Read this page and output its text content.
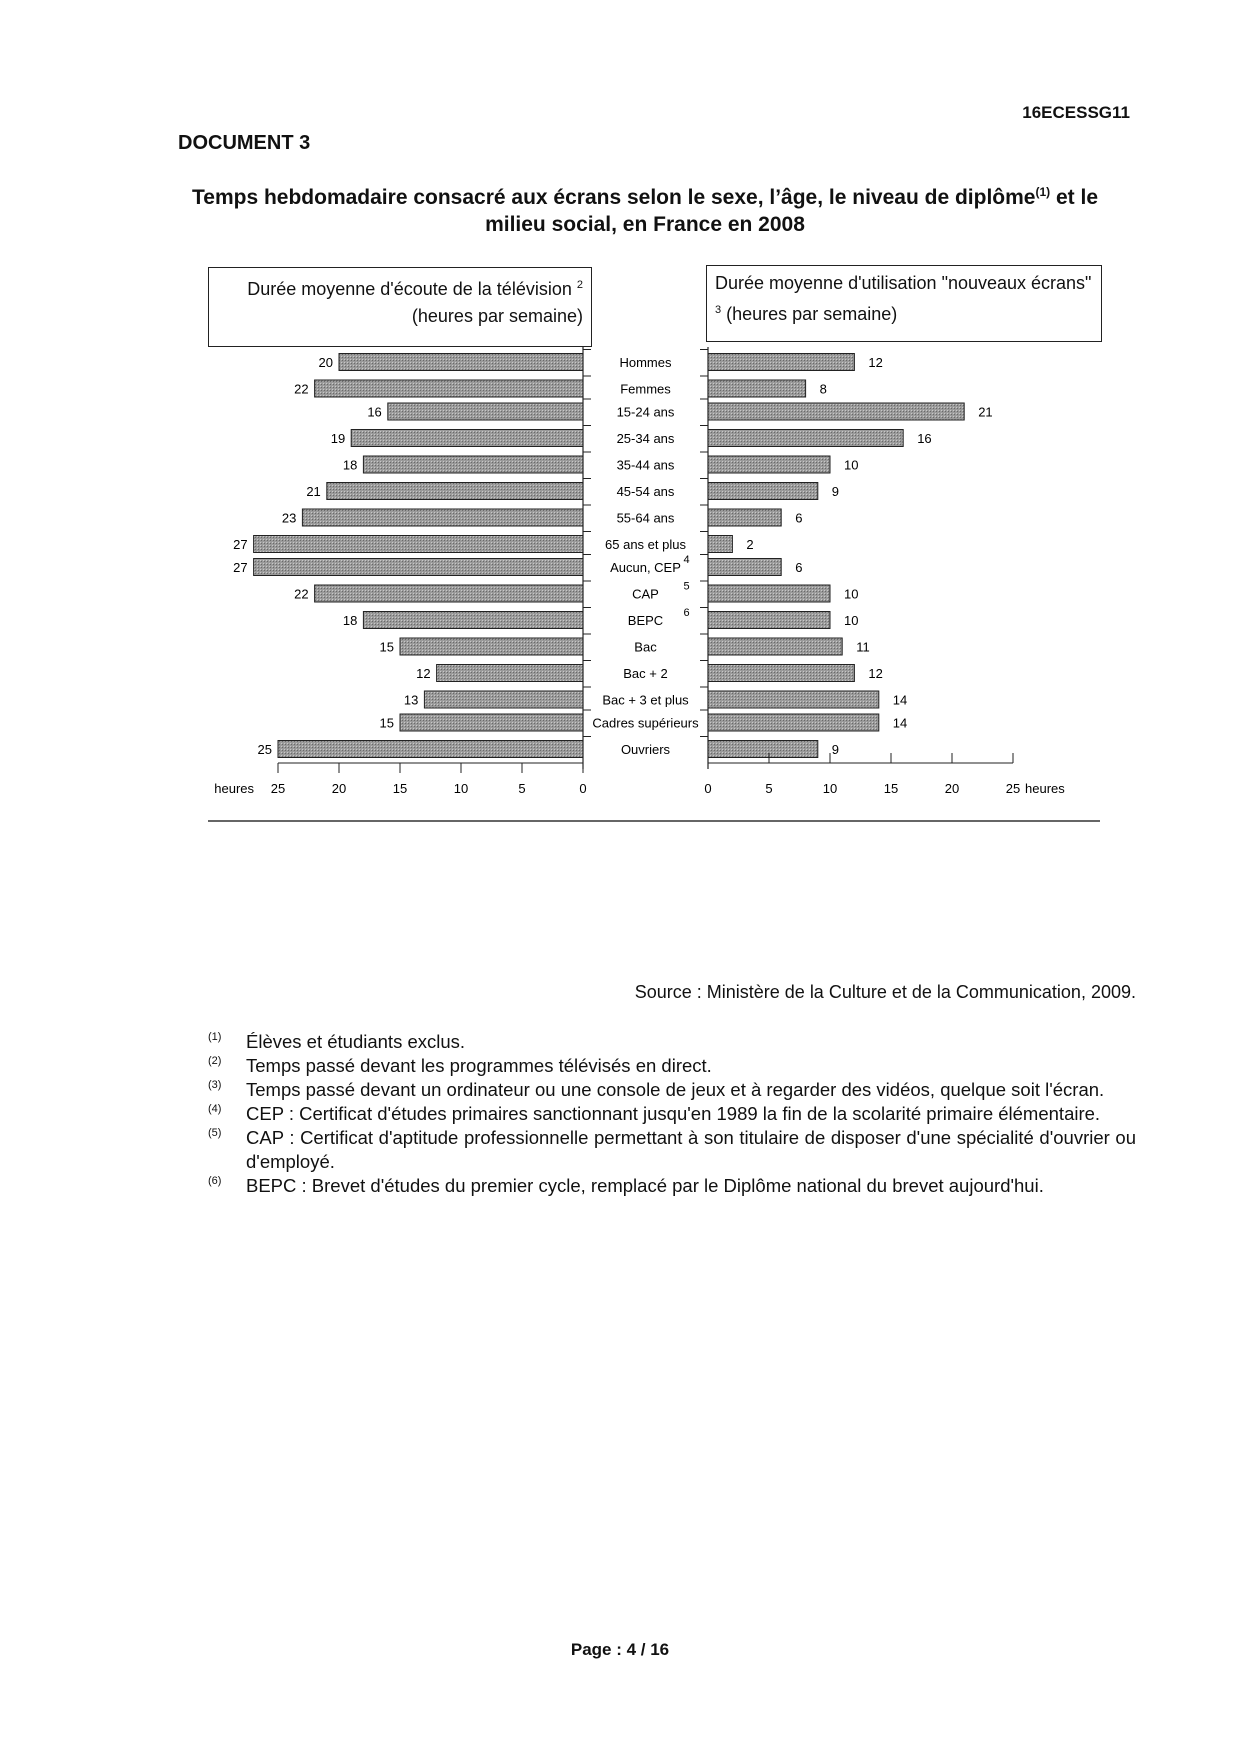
16ECESSG11
DOCUMENT 3
Temps hebdomadaire consacré aux écrans selon le sexe, l’âge, le niveau de diplôme$^{(1)}$ et le milieu social, en France en 2008
Durée moyenne d'écoute de la télévision $^2$ (heures par semaine)
Durée moyenne d'utilisation "nouveaux écrans" $^3$ (heures par semaine)
20	12
Hommes
22	8
Femmes
16	21
15-24 ans
19	16
25-34 ans
18	10
35-44 ans
21	9
45-54 ans
23	6
55-64 ans
27	2
65 ans et plus
27	6
Aucun, CEP 4
22	10
CAP 5
18	10
BEPC 6
15	11
Bac
12	12
Bac + 2
13	14
Bac + 3 et plus
15	14
Cadres supérieurs
25	9
Ouvriers
25	20	15	10	5	0	0	5	10	15	20	25 heures
heures
Source : Ministère de la Culture et de la Communication, 2009.
(1) Élèves et étudiants exclus.
(2) Temps passé devant les programmes télévisés en direct.
(3) Temps passé devant un ordinateur ou une console de jeux et à regarder des vidéos, quelque soit l'écran.
(4) CEP : Certificat d'études primaires sanctionnant jusqu'en 1989 la fin de la scolarité primaire élémentaire.
(5) CAP : Certificat d'aptitude professionnelle permettant à son titulaire de disposer d'une spécialité d'ouvrier ou d'employé.
(6) BEPC : Brevet d'études du premier cycle, remplacé par le Diplôme national du brevet aujourd'hui.
Page : 4 / 16
